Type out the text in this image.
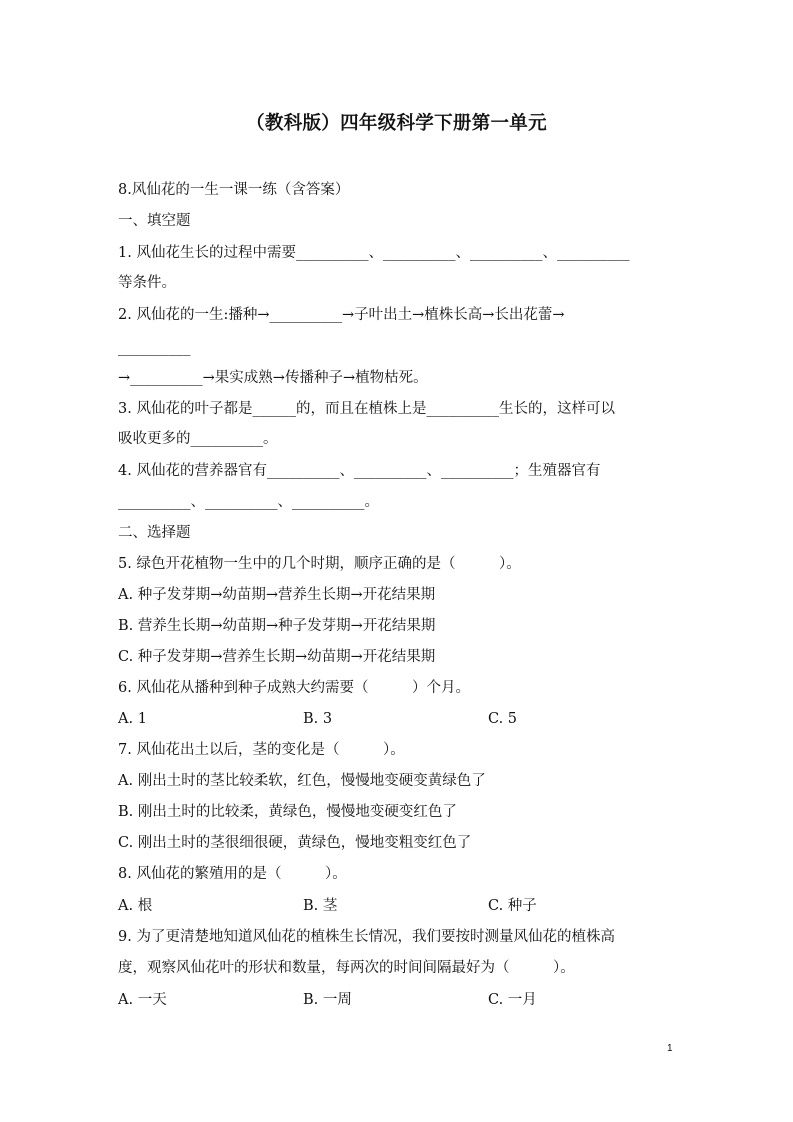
（教科版）四年级科学下册第一单元
8.风仙花的一生一课一练（含答案）
一、填空题
1. 风仙花生长的过程中需要__________、__________、__________、__________
等条件。
2. 风仙花的一生:播种→__________→子叶出土→植株长高→长出花蕾→
__________
→__________→果实成熟→传播种子→植物枯死。
3. 风仙花的叶子都是______的，而且在植株上是__________生长的，这样可以
吸收更多的__________。
4. 风仙花的营养器官有__________、__________、__________；生殖器官有
__________、__________、__________。
二、选择题
5. 绿色开花植物一生中的几个时期，顺序正确的是（　　　）。
A. 种子发芽期→幼苗期→营养生长期→开花结果期
B. 营养生长期→幼苗期→种子发芽期→开花结果期
C. 种子发芽期→营养生长期→幼苗期→开花结果期
6. 风仙花从播种到种子成熟大约需要（　　　）个月。
A. 1	B. 3	C. 5
7. 风仙花出土以后，茎的变化是（　　　）。
A. 刚出土时的茎比较柔软，红色，慢慢地变硬变黄绿色了
B. 刚出土时的比较柔，黄绿色，慢慢地变硬变红色了
C. 刚出土时的茎很细很硬，黄绿色，慢地变粗变红色了
8. 风仙花的繁殖用的是（　　　）。
A. 根	B. 茎	C. 种子
9. 为了更清楚地知道风仙花的植株生长情况，我们要按时测量风仙花的植株高
度，观察风仙花叶的形状和数量，每两次的时间间隔最好为（　　　）。
A. 一天	B. 一周	C. 一月
1
